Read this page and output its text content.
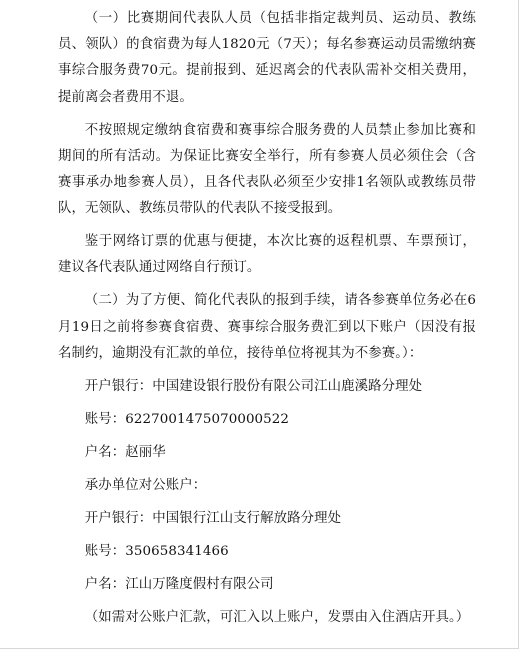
（一）比赛期间代表队人员（包括非指定裁判员、运动员、教练员、领队）的食宿费为每人1820元（7天）；每名参赛运动员需缴纳赛事综合服务费70元。提前报到、延迟离会的代表队需补交相关费用，提前离会者费用不退。

不按照规定缴纳食宿费和赛事综合服务费的人员禁止参加比赛和期间的所有活动。为保证比赛安全举行，所有参赛人员必须住会（含赛事承办地参赛人员），且各代表队必须至少安排1名领队或教练员带队，无领队、教练员带队的代表队不接受报到。

鉴于网络订票的优惠与便捷，本次比赛的返程机票、车票预订，建议各代表队通过网络自行预订。

（二）为了方便、简化代表队的报到手续，请各参赛单位务必在6月19日之前将参赛食宿费、赛事综合服务费汇到以下账户（因没有报名制约，逾期没有汇款的单位，接待单位将视其为不参赛。）：

开户银行：中国建设银行股份有限公司江山鹿溪路分理处
账号：6227001475070000522
户名：赵丽华
承办单位对公账户：
开户银行：中国银行江山支行解放路分理处
账号：350658341466
户名：江山万隆度假村有限公司

（如需对公账户汇款，可汇入以上账户，发票由入住酒店开具。）
